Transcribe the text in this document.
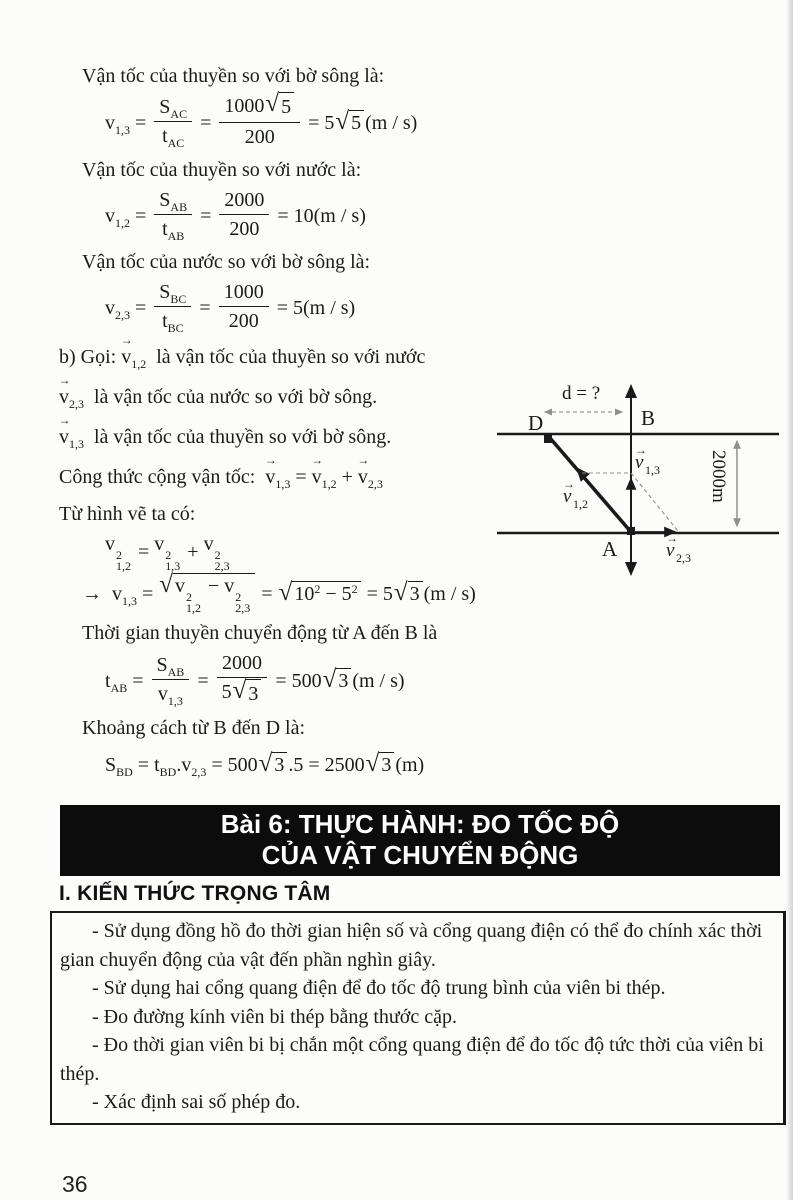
Vận tốc của thuyền so với bờ sông là:
$v_{1,3} = \frac{S_{AC}}{t_{AC}} = \frac{1000 √ 5}{200} = 5$ √ 5 (m / s)
Vận tốc của thuyền so với nước là:
$v_{1,2} = \frac{S_{AB}}{t_{AB}} = \frac{2000}{200} = 10(m / s)$
Vận tốc của nước so với bờ sông là:
$v_{2,3} = \frac{S_{BC}}{t_{BC}} = \frac{1000}{200} = 5(m / s)$
b) Gọi: v
→
$_{1,2}$ là vận tốc của thuyền so với nước
v
→
$_{2,3}$ là vận tốc của nước so với bờ sông.
v
→
$_{1,3}$ là vận tốc của thuyền so với bờ sông.
Công thức cộng vận tốc: v
→
$_{1,3}$ = v
→
$_{1,2}$ + v
→
$_{2,3}$
Từ hình vẽ ta có:
v 2
1,2
= v 2
1,3
+ v 2
2,3
→ $v_{1,3}$ = √ v 2
1,2
− v 2
2,3
= √ $10^2 - 5^2 = 5$ √ 3 (m / s)
Thời gian thuyền chuyển động từ A đến B là
$t_{AB} = \frac{S_{AB}}{v_{1,3}} = \frac{2000}{5 √ 3} = 500$ √ 3 (m / s)
Khoảng cách từ B đến D là:
$S_{BD} = t_{BD}$ . $v_{2,3} = 500$ √ 3 .5 = 2500 √ 3 (m)
Bài 6: THỰC HÀNH: ĐO TỐC ĐỘ
CỦA VẬT CHUYỂN ĐỘNG
I. KIẾN THỨC TRỌNG TÂM

- Sử dụng đồng hồ đo thời gian hiện số và cổng quang điện có thể đo chính xác thời gian chuyển động của vật đến phần nghìn giây.

- Sử dụng hai cổng quang điện để đo tốc độ trung bình của viên bi thép.

- Đo đường kính viên bi thép bằng thước cặp.

- Đo thời gian viên bi bị chắn một cổng quang điện để đo tốc độ tức thời của viên bi thép.

- Xác định sai số phép đo.

36
d = ?
D	B
A
2000m
→
v 1,3
→
v 1,2
→
v 2,3
